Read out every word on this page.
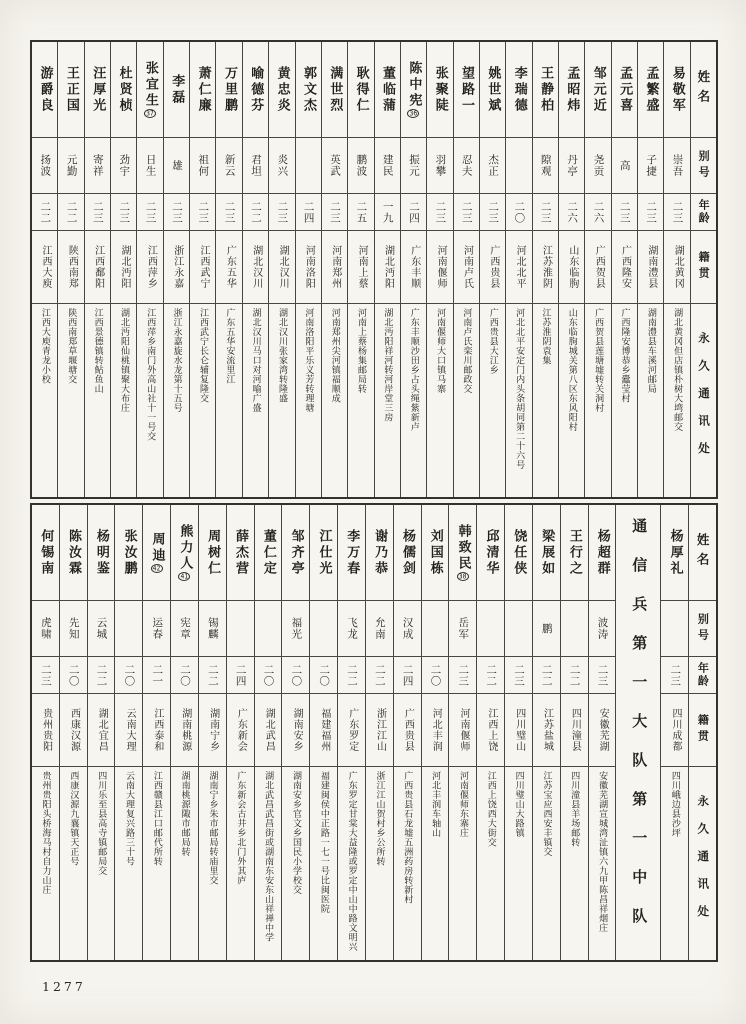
姓名
别号
年龄
籍贯
永久通讯处
易敬军
崇吾
二三
湖北黄冈
湖北黄冈但店镇朴树大塆邮交
孟繁盛
子捷
二三
湖南澧县
湖南澧县车溪河邮局
孟元喜
高
二三
广西隆安
广西隆安博恭乡蠹莹村
邹元近
尧贡
二六
广西贺县
广西贺县莲塘墟转关洞村
孟昭炜
丹亭
二六
山东临朐
山东临朐城关第八区东风阳村
王静柏
隙观
二三
江苏淮阴
江苏淮阴袁集
李瑞德
二〇
河北北平
河北北平安定门内头条胡同第二十六号
姚世斌
杰正
二三
广西贵县
广西贵县大江乡
望路一
忍夫
二三
河南卢氏
河南卢氏栾川邮政交
张聚陡
羽攀
二三
河南偃师
河南偃师大口镇马寨
陈中宪36
振元
二四
广东丰顺
广东丰顺沙田乡占头绳紫新卢
董临蒲
建民
一九
湖北沔阳
湖北沔阳祥河转河岸堂三房
耿得仁
鹏波
二五
河南上蔡
河南上蔡杨集邮局转
满世烈
英武
二三
河南郑州
河南郑州尖河镇福顺成
郭文杰
二四
河南洛阳
河南洛阳平乐义芳转理塘
黄忠炎
炎兴
二三
湖北汉川
湖北汉川张家湾转隆盛
喻德芬
君坦
二二
湖北汉川
湖北汉川马口对河喻广盛
万里鹏
新云
二三
广东五华
广东五华安流里江
萧仁廉
祖何
二三
江西武宁
江西武宁长仑辅复隆交
李磊
雄
二三
浙江永嘉
浙江永嘉旋水龙第十五号
张宜生37
日生
二三
江西萍乡
江西萍乡南门外高山社十一号交
杜贤桢
劲宇
二三
湖北沔阳
湖北沔阳仙桃镇聚大布庄
汪厚光
寄祥
二三
江西鄱阳
江西景德镇转鲇鱼山
王正国
元勤
二二
陕西南郑
陕西南郑草堰塘交
游爵良
扬波
二二
江西大庾
江西大庾青龙小校
姓名
别号
年龄
籍贯
永久通讯处
杨厚礼
二三
四川成都
四川峨边县沙坪
通信兵第一大队第一中队
杨超群
波涛
二三
安徽芜湖
安徽芜湖宣城湾沚镇六九甲陈昌祥烟庄
王行之
二二
四川潼县
四川潼县羊场邮转
梁展如
鹏
二二
江苏盐城
江苏宝应西安丰镇交
饶任侠
二三
四川璧山
四川璧山大路镇
邱清华
二二
江西上饶
江西上饶西大街交
韩致民38
岳军
二三
河南偃师
河南偃师东寨庄
刘国栋
二〇
河北丰润
河北丰润车轴山
杨儒剑
汉成
二四
广西贵县
广西贵县石龙墟五洲药房转新村
谢乃恭
允南
二二
浙江江山
浙江江山贺村乡公所转
李万春
飞龙
二二
广东罗定
广东罗定甘棠大益隆或罗定中山中路文明兴
江仕光
二〇
福建福州
福建闽侯中正路一七一号比闽医院
邹齐亭
福光
二〇
湖南安乡
湖南安乡官文乡国民小学校交
董仁定
二〇
湖北武昌
湖北武昌武昌街或湖南东安东山祥禅中学
薛杰营
二四
广东新会
广东新会古井乡北门外其庐
周树仁
锡麟
二二
湖南宁乡
湖南宁乡朱市邮局转庙里交
熊力人41
宪章
二〇
湖南桃源
湖南桃源陬市邮局转
周迪42
运春
二一
江西泰和
江西赣县江口邮代所转
张汝鹏
二〇
云南大理
云南大理复兴路三十号
杨明鉴
云城
二二
湖北宜昌
四川乐至县高寺镇邮局交
陈汝霖
先知
二〇
西康汉源
西康汉源九襄镇天正号
何锡南
虎啸
二三
贵州贵阳
贵州贵阳头桥海马村自力山庄
1277
